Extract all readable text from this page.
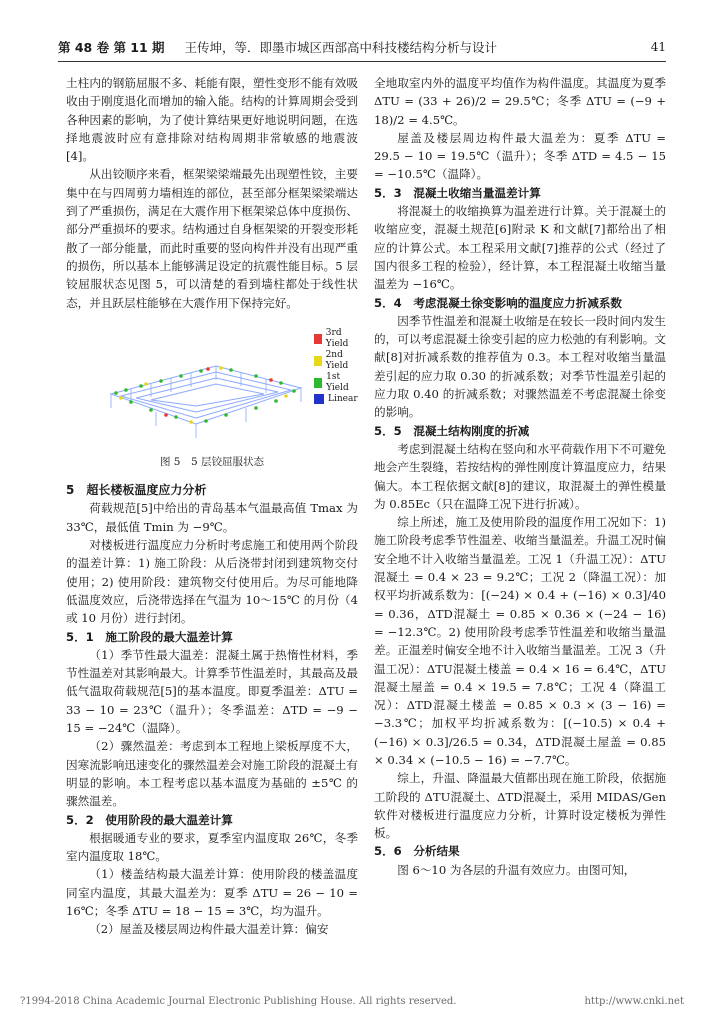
第 48 卷 第 11 期 王传坤，等．即墨市城区西部高中科技楼结构分析与设计	41

土柱内的钢筋屈服不多、耗能有限，塑性变形不能有效吸收由于刚度退化而增加的输入能。结构的计算周期会受到各种因素的影响，为了使计算结果更好地说明问题，在选择地震波时应有意排除对结构周期非常敏感的地震波[4]。

从出铰顺序来看，框架梁梁端最先出现塑性铰，主要集中在与四周剪力墙相连的部位，甚至部分框架梁梁端达到了严重损伤，满足在大震作用下框架梁总体中度损伤、部分严重损坏的要求。结构通过自身框架梁的开裂变形耗散了一部分能量，而此时重要的竖向构件并没有出现严重的损伤，所以基本上能够满足设定的抗震性能目标。5 层铰屈服状态见图 5，可以清楚的看到墙柱都处于线性状态，并且跃层柱能够在大震作用下保持完好。

3rd Yield
2nd Yield
1st Yield
Linear
图 5　5 层铰屈服状态
5　超长楼板温度应力分析

荷载规范[5]中给出的青岛基本气温最高值 Tmax 为 33℃，最低值 Tmin 为 −9℃。

对楼板进行温度应力分析时考虑施工和使用两个阶段的温差计算：1) 施工阶段：从后浇带封闭到建筑物交付使用；2) 使用阶段：建筑物交付使用后。为尽可能地降低温度效应，后浇带选择在气温为 10～15℃ 的月份（4 或 10 月份）进行封闭。

5．1　施工阶段的最大温差计算

（1）季节性最大温差：混凝土属于热惰性材料，季节性温差对其影响最大。计算季节性温差时，其最高及最低气温取荷载规范[5]的基本温度。即夏季温差：ΔTU = 33 − 10 = 23℃（温升）；冬季温差：ΔTD = −9 − 15 = −24℃（温降）。

（2）骤然温差：考虑到本工程地上梁板厚度不大，因寒流影响迅速变化的骤然温差会对施工阶段的混凝土有明显的影响。本工程考虑以基本温度为基础的 ±5℃ 的骤然温差。

5．2　使用阶段的最大温差计算

根据暖通专业的要求，夏季室内温度取 26℃，冬季室内温度取 18℃。

（1）楼盖结构最大温差计算：使用阶段的楼盖温度同室内温度，其最大温差为：夏季 ΔTU = 26 − 10 = 16℃；冬季 ΔTU = 18 − 15 = 3℃，均为温升。

（2）屋盖及楼层周边构件最大温差计算：偏安

全地取室内外的温度平均值作为构件温度。其温度为夏季 ΔTU = (33 + 26)/2 = 29.5℃；冬季 ΔTU = (−9 + 18)/2 = 4.5℃。

屋盖及楼层周边构件最大温差为：夏季 ΔTU = 29.5 − 10 = 19.5℃（温升）；冬季 ΔTD = 4.5 − 15 = −10.5℃（温降）。

5．3　混凝土收缩当量温差计算

将混凝土的收缩换算为温差进行计算。关于混凝土的收缩应变，混凝土规范[6]附录 K 和文献[7]都给出了相应的计算公式。本工程采用文献[7]推荐的公式（经过了国内很多工程的检验），经计算，本工程混凝土收缩当量温差为 −16℃。

5．4　考虑混凝土徐变影响的温度应力折减系数

因季节性温差和混凝土收缩是在较长一段时间内发生的，可以考虑混凝土徐变引起的应力松弛的有利影响。文献[8]对折减系数的推荐值为 0.3。本工程对收缩当量温差引起的应力取 0.30 的折减系数；对季节性温差引起的应力取 0.40 的折减系数；对骤然温差不考虑混凝土徐变的影响。

5．5　混凝土结构刚度的折减

考虑到混凝土结构在竖向和水平荷载作用下不可避免地会产生裂缝，若按结构的弹性刚度计算温度应力，结果偏大。本工程依据文献[8]的建议，取混凝土的弹性模量为 0.85Ec（只在温降工况下进行折减）。

综上所述，施工及使用阶段的温度作用工况如下：1) 施工阶段考虑季节性温差、收缩当量温差。升温工况时偏安全地不计入收缩当量温差。工况 1（升温工况）：ΔTU混凝土 = 0.4 × 23 = 9.2℃；工况 2（降温工况）：加权平均折减系数为：[(−24) × 0.4 + (−16) × 0.3]/40 = 0.36，ΔTD混凝土 = 0.85 × 0.36 × (−24 − 16) = −12.3℃。2) 使用阶段考虑季节性温差和收缩当量温差。正温差时偏安全地不计入收缩当量温差。工况 3（升温工况）：ΔTU混凝土楼盖 = 0.4 × 16 = 6.4℃，ΔTU混凝土屋盖 = 0.4 × 19.5 = 7.8℃；工况 4（降温工况）：ΔTD混凝土楼盖 = 0.85 × 0.3 × (3 − 16) = −3.3℃；加权平均折减系数为：[(−10.5) × 0.4 + (−16) × 0.3]/26.5 = 0.34，ΔTD混凝土屋盖 = 0.85 × 0.34 × (−10.5 − 16) = −7.7℃。

综上，升温、降温最大值都出现在施工阶段，依据施工阶段的 ΔTU混凝土、ΔTD混凝土，采用 MIDAS/Gen 软件对楼板进行温度应力分析，计算时设定楼板为弹性板。

5．6　分析结果

图 6～10 为各层的升温有效应力。由图可知，

?1994-2018 China Academic Journal Electronic Publishing House. All rights reserved.	http://www.cnki.net
